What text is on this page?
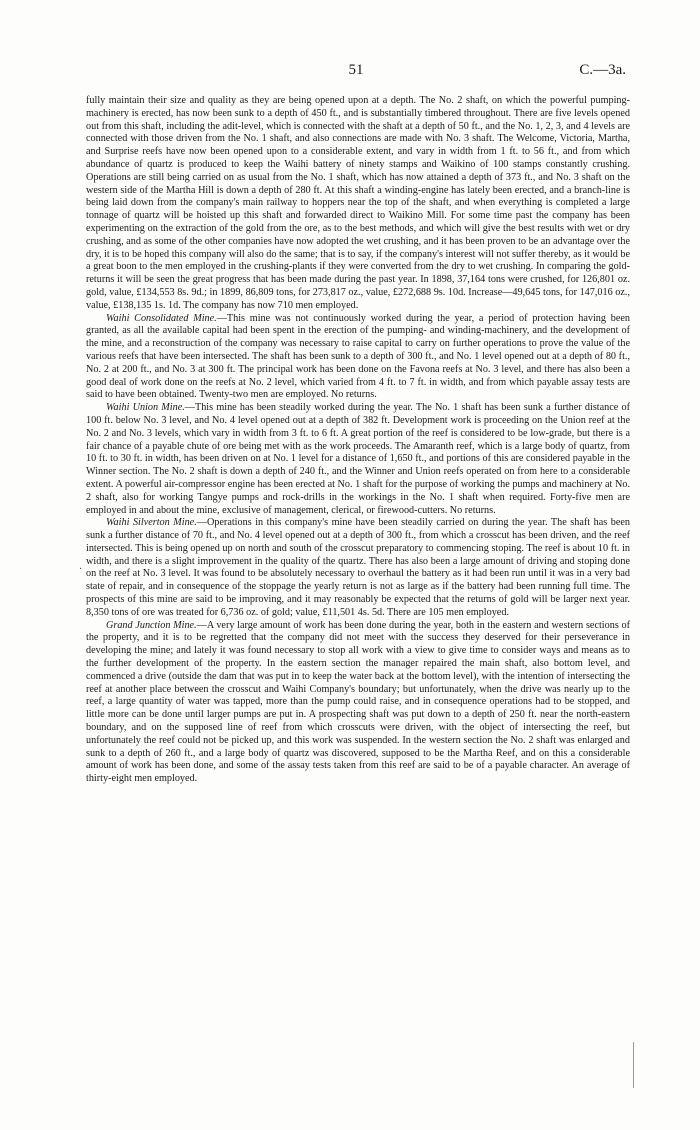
51	C.—3a.

fully maintain their size and quality as they are being opened upon at a depth. The No. 2 shaft, on which the powerful pumping-machinery is erected, has now been sunk to a depth of 450 ft., and is substantially timbered throughout. There are five levels opened out from this shaft, including the adit-level, which is connected with the shaft at a depth of 50 ft., and the No. 1, 2, 3, and 4 levels are connected with those driven from the No. 1 shaft, and also connections are made with No. 3 shaft. The Welcome, Victoria, Martha, and Surprise reefs have now been opened upon to a considerable extent, and vary in width from 1 ft. to 56 ft., and from which abundance of quartz is produced to keep the Waihi battery of ninety stamps and Waikino of 100 stamps constantly crushing. Operations are still being carried on as usual from the No. 1 shaft, which has now attained a depth of 373 ft., and No. 3 shaft on the western side of the Martha Hill is down a depth of 280 ft. At this shaft a winding-engine has lately been erected, and a branch-line is being laid down from the company's main railway to hoppers near the top of the shaft, and when everything is completed a large tonnage of quartz will be hoisted up this shaft and forwarded direct to Waikino Mill. For some time past the company has been experimenting on the extraction of the gold from the ore, as to the best methods, and which will give the best results with wet or dry crushing, and as some of the other companies have now adopted the wet crushing, and it has been proven to be an advantage over the dry, it is to be hoped this company will also do the same; that is to say, if the company's interest will not suffer thereby, as it would be a great boon to the men employed in the crushing-plants if they were converted from the dry to wet crushing. In comparing the gold-returns it will be seen the great progress that has been made during the past year. In 1898, 37,164 tons were crushed, for 126,801 oz. gold, value, £134,553 8s. 9d.; in 1899, 86,809 tons, for 273,817 oz., value, £272,688 9s. 10d. Increase—49,645 tons, for 147,016 oz., value, £138,135 1s. 1d. The company has now 710 men employed.

Waihi Consolidated Mine.—This mine was not continuously worked during the year, a period of protection having been granted, as all the available capital had been spent in the erection of the pumping- and winding-machinery, and the development of the mine, and a reconstruction of the company was necessary to raise capital to carry on further operations to prove the value of the various reefs that have been intersected. The shaft has been sunk to a depth of 300 ft., and No. 1 level opened out at a depth of 80 ft., No. 2 at 200 ft., and No. 3 at 300 ft. The principal work has been done on the Favona reefs at No. 3 level, and there has also been a good deal of work done on the reefs at No. 2 level, which varied from 4 ft. to 7 ft. in width, and from which payable assay tests are said to have been obtained. Twenty-two men are employed. No returns.

Waihi Union Mine.—This mine has been steadily worked during the year. The No. 1 shaft has been sunk a further distance of 100 ft. below No. 3 level, and No. 4 level opened out at a depth of 382 ft. Development work is proceeding on the Union reef at the No. 2 and No. 3 levels, which vary in width from 3 ft. to 6 ft. A great portion of the reef is considered to be low-grade, but there is a fair chance of a payable chute of ore being met with as the work proceeds. The Amaranth reef, which is a large body of quartz, from 10 ft. to 30 ft. in width, has been driven on at No. 1 level for a distance of 1,650 ft., and portions of this are considered payable in the Winner section. The No. 2 shaft is down a depth of 240 ft., and the Winner and Union reefs operated on from here to a considerable extent. A powerful air-compressor engine has been erected at No. 1 shaft for the purpose of working the pumps and machinery at No. 2 shaft, also for working Tangye pumps and rock-drills in the workings in the No. 1 shaft when required. Forty-five men are employed in and about the mine, exclusive of management, clerical, or firewood-cutters. No returns.

Waihi Silverton Mine.—Operations in this company's mine have been steadily carried on during the year. The shaft has been sunk a further distance of 70 ft., and No. 4 level opened out at a depth of 300 ft., from which a crosscut has been driven, and the reef intersected. This is being opened up on north and south of the crosscut preparatory to commencing stoping. The reef is about 10 ft. in width, and there is a slight improvement in the quality of the quartz. There has also been a large amount of driving and stoping done on the reef at No. 3 level. It was found to be absolutely necessary to overhaul the battery as it had been run until it was in a very bad state of repair, and in consequence of the stoppage the yearly return is not as large as if the battery had been running full time. The prospects of this mine are said to be improving, and it may reasonably be expected that the returns of gold will be larger next year. 8,350 tons of ore was treated for 6,736 oz. of gold; value, £11,501 4s. 5d. There are 105 men employed.

Grand Junction Mine.—A very large amount of work has been done during the year, both in the eastern and western sections of the property, and it is to be regretted that the company did not meet with the success they deserved for their perseverance in developing the mine; and lately it was found necessary to stop all work with a view to give time to consider ways and means as to the further development of the property. In the eastern section the manager repaired the main shaft, also bottom level, and commenced a drive (outside the dam that was put in to keep the water back at the bottom level), with the intention of intersecting the reef at another place between the crosscut and Waihi Company's boundary; but unfortunately, when the drive was nearly up to the reef, a large quantity of water was tapped, more than the pump could raise, and in consequence operations had to be stopped, and little more can be done until larger pumps are put in. A prospecting shaft was put down to a depth of 250 ft. near the north-eastern boundary, and on the supposed line of reef from which crosscuts were driven, with the object of intersecting the reef, but unfortunately the reef could not be picked up, and this work was suspended. In the western section the No. 2 shaft was enlarged and sunk to a depth of 260 ft., and a large body of quartz was discovered, supposed to be the Martha Reef, and on this a considerable amount of work has been done, and some of the assay tests taken from this reef are said to be of a payable character. An average of thirty-eight men employed.

·
